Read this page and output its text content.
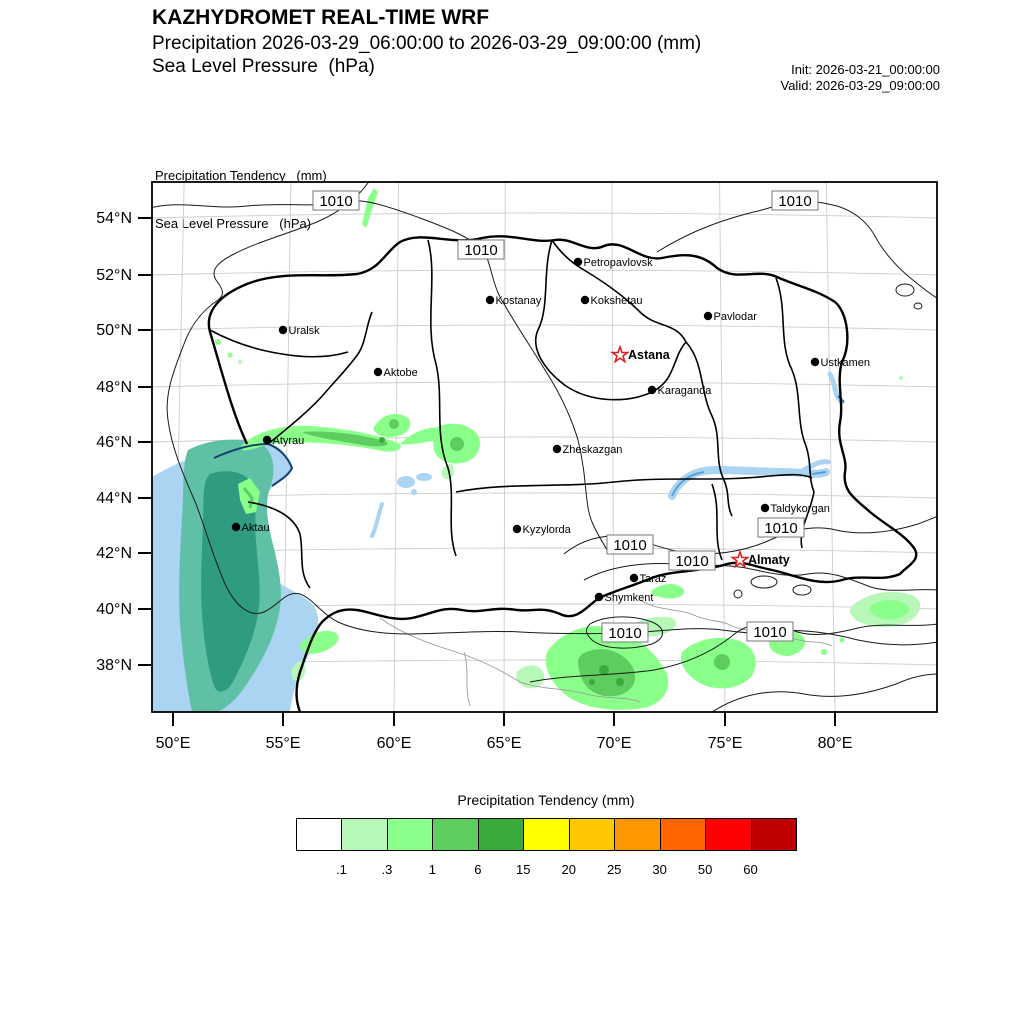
KAZHYDROMET REAL-TIME WRF
Precipitation 2026-03-29_06:00:00 to 2026-03-29_09:00:00 (mm)
Sea Level Pressure  (hPa)	Init: 2026-03-21_00:00:00
Valid: 2026-03-29_09:00:00

Precipitation Tendency   (mm)

Sea Level Pressure   (hPa)

1010
1010
1010
1010
1010
1010
1010	1010
Uralsk
Aktobe
Kostanay
Petropavlovsk
Kokshetau
Pavlodar
Astana
Karaganda
Ustkamen
Atyrau
Zheskazgan
Aktau
Taldykorgan
Kyzylorda
Almaty
Taraz
Shymkent
54°N
52°N
50°N
48°N
46°N
44°N
42°N
40°N
38°N
50°E	55°E	60°E	65°E	70°E	75°E	80°E
Precipitation Tendency (mm)
.1	.3	1	6	15 20 25 30 50 60
